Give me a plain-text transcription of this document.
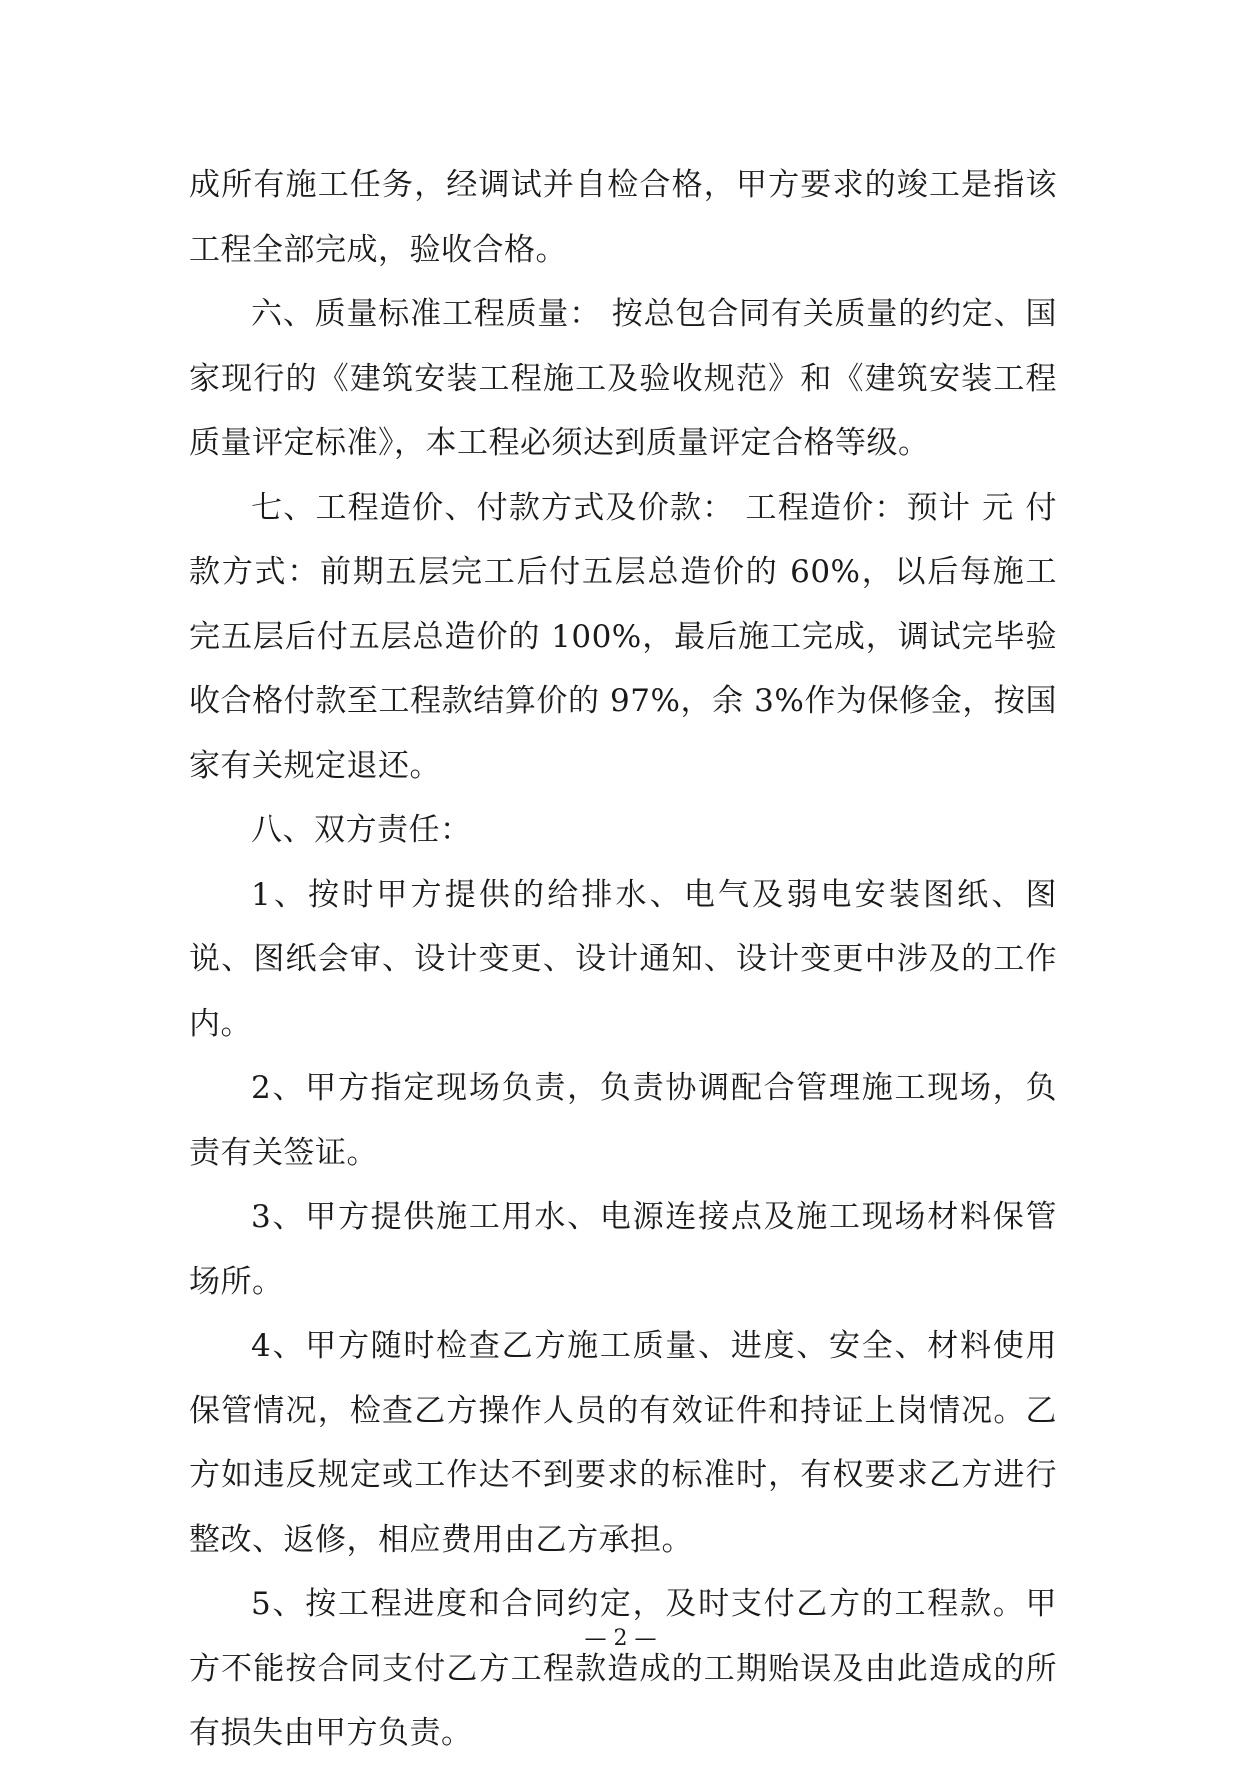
成所有施工任务，经调试并自检合格，甲方要求的竣工是指该工程全部完成，验收合格。

六、质量标准工程质量： 按总包合同有关质量的约定、国家现行的《建筑安装工程施工及验收规范》和《建筑安装工程质量评定标准》，本工程必须达到质量评定合格等级。

七、工程造价、付款方式及价款： 工程造价：预计 元 付款方式：前期五层完工后付五层总造价的 60%，以后每施工完五层后付五层总造价的 100%，最后施工完成，调试完毕验收合格付款至工程款结算价的 97%，余 3%作为保修金，按国家有关规定退还。

八、双方责任：

1、按时甲方提供的给排水、电气及弱电安装图纸、图说、图纸会审、设计变更、设计通知、设计变更中涉及的工作内。

2、甲方指定现场负责，负责协调配合管理施工现场，负责有关签证。

3、甲方提供施工用水、电源连接点及施工现场材料保管场所。

4、甲方随时检查乙方施工质量、进度、安全、材料使用保管情况，检查乙方操作人员的有效证件和持证上岗情况。乙方如违反规定或工作达不到要求的标准时，有权要求乙方进行整改、返修，相应费用由乙方承担。

5、按工程进度和合同约定，及时支付乙方的工程款。甲方不能按合同支付乙方工程款造成的工期贻误及由此造成的所有损失由甲方负责。

— 2 —
